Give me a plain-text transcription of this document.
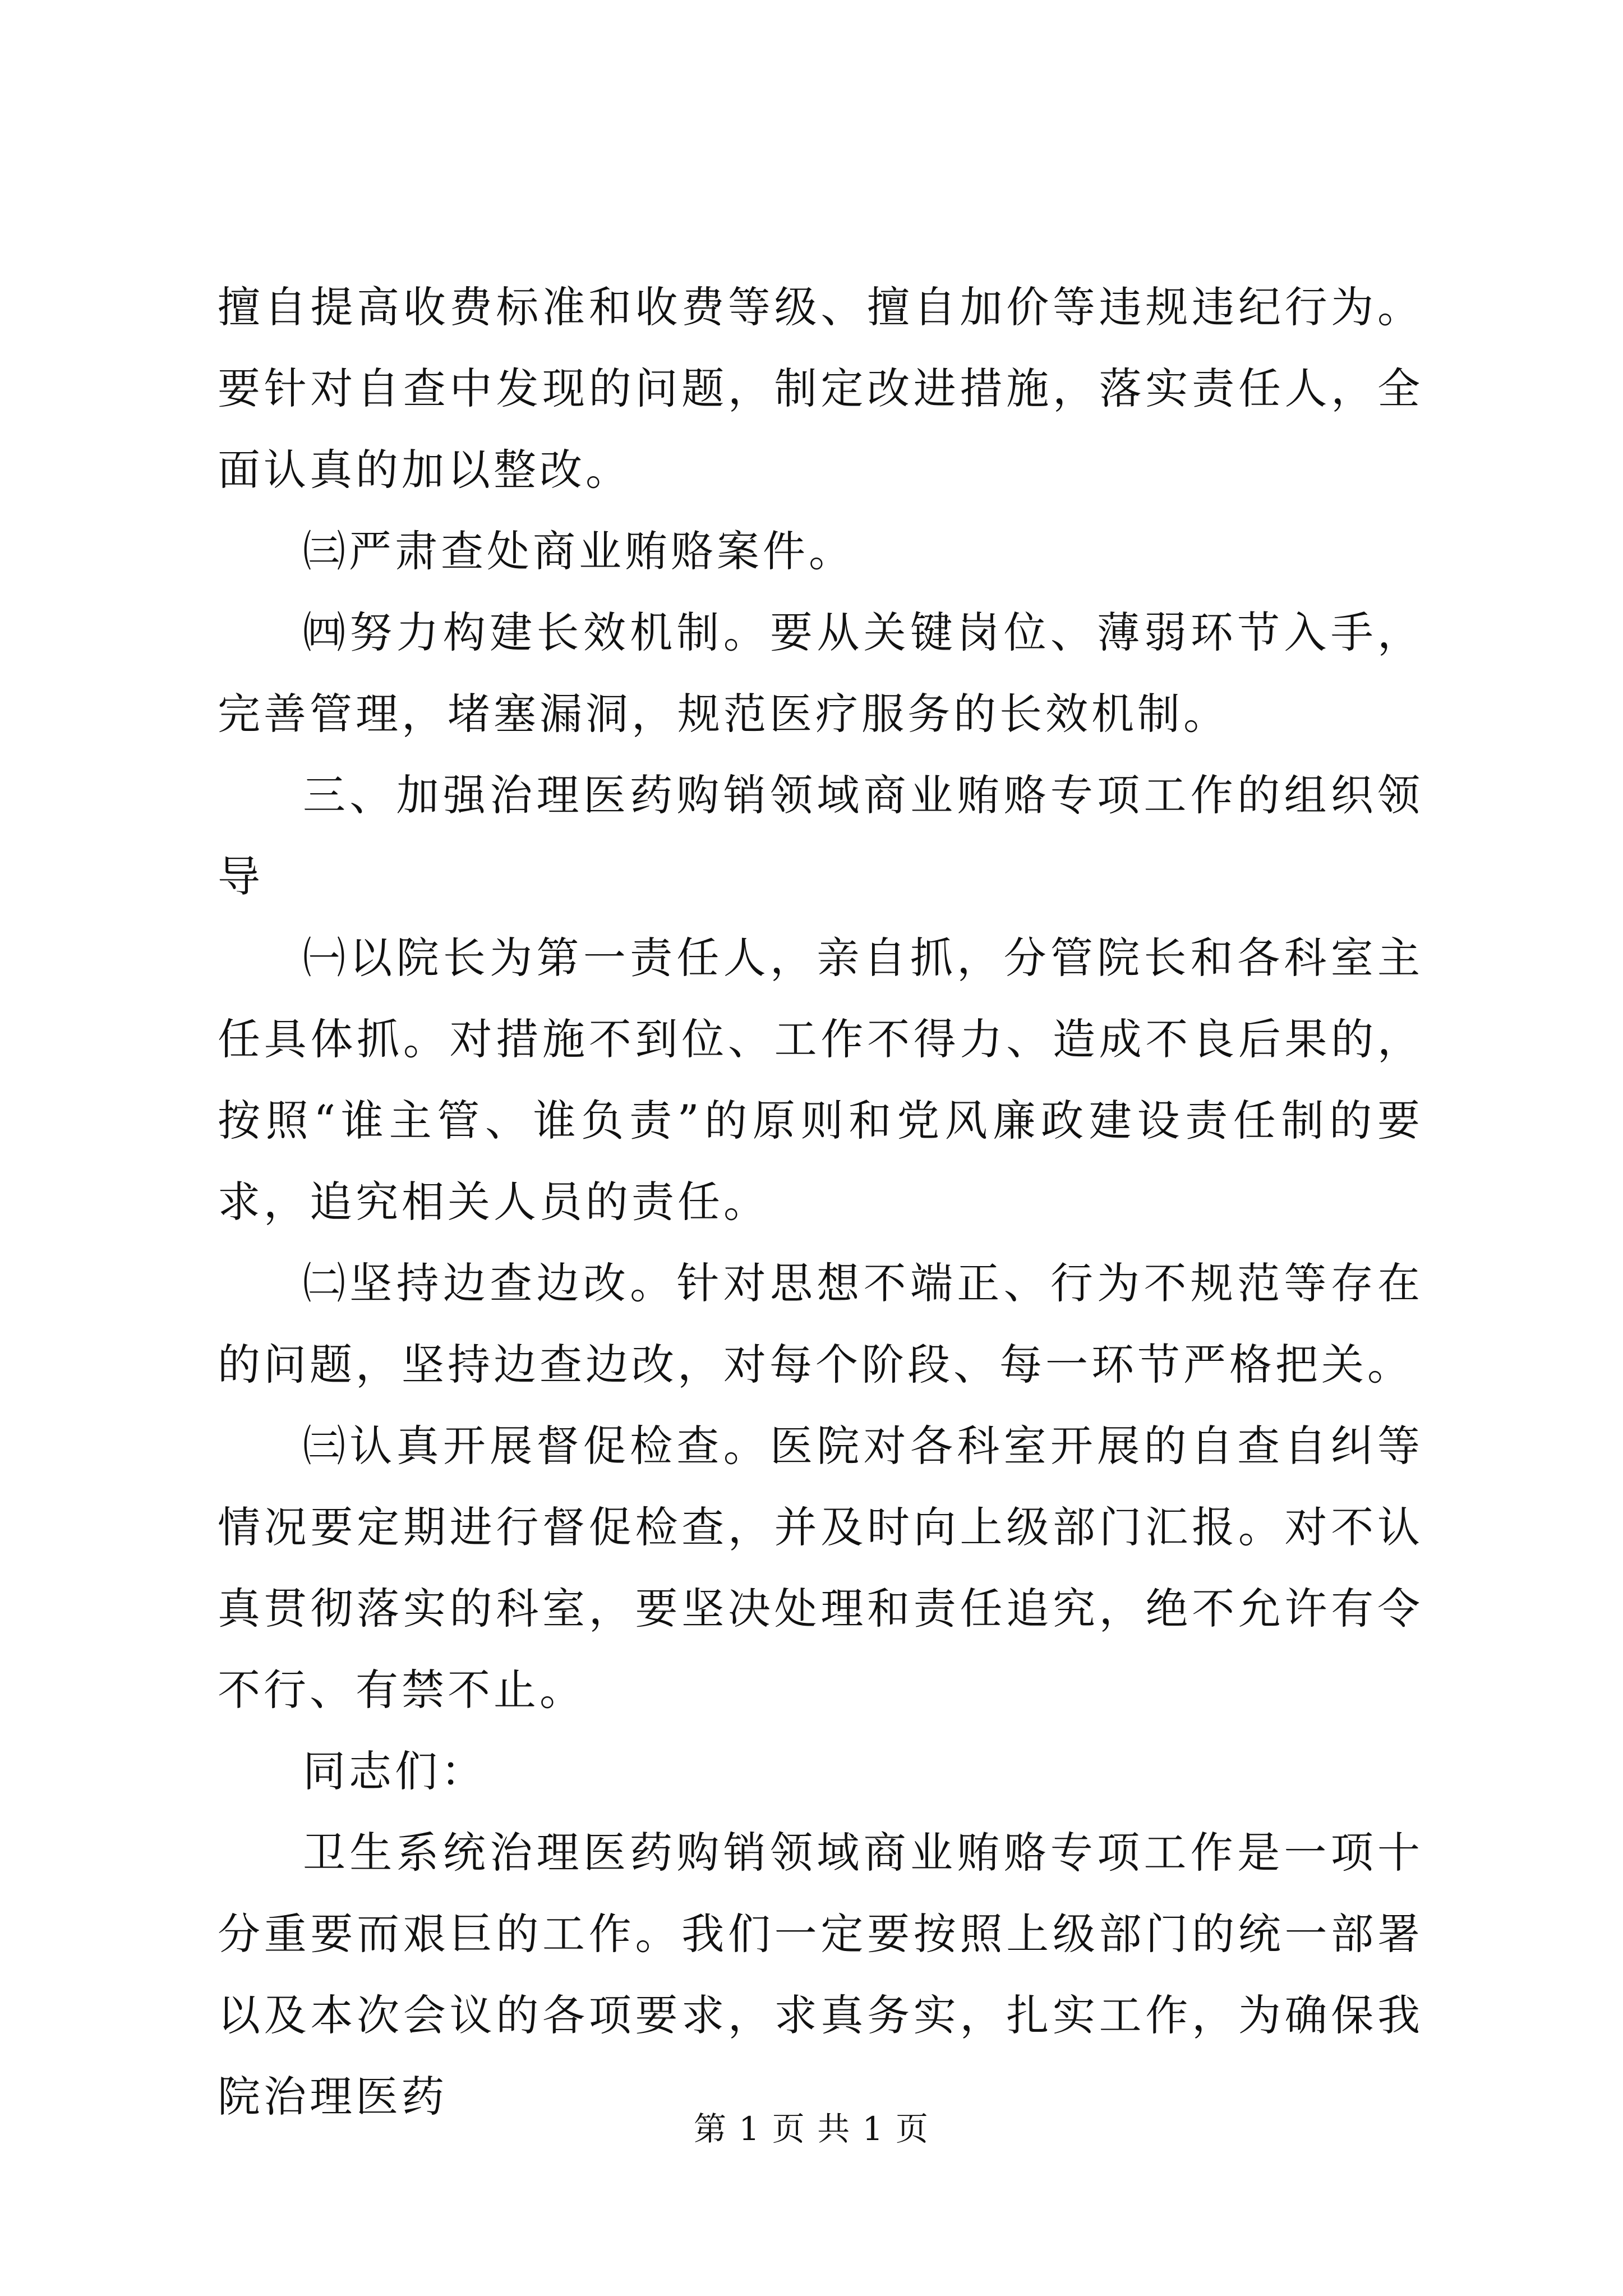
擅自提高收费标准和收费等级、擅自加价等违规违纪行为。要针对自查中发现的问题，制定改进措施，落实责任人，全面认真的加以整改。

㈢严肃查处商业贿赂案件。

㈣努力构建长效机制。要从关键岗位、薄弱环节入手，完善管理，堵塞漏洞，规范医疗服务的长效机制。

三、加强治理医药购销领域商业贿赂专项工作的组织领导

㈠以院长为第一责任人，亲自抓，分管院长和各科室主任具体抓。对措施不到位、工作不得力、造成不良后果的，按照“谁主管、谁负责”的原则和党风廉政建设责任制的要求，追究相关人员的责任。

㈡坚持边查边改。针对思想不端正、行为不规范等存在的问题，坚持边查边改，对每个阶段、每一环节严格把关。

㈢认真开展督促检查。医院对各科室开展的自查自纠等情况要定期进行督促检查，并及时向上级部门汇报。对不认真贯彻落实的科室，要坚决处理和责任追究，绝不允许有令不行、有禁不止。

同志们：

卫生系统治理医药购销领域商业贿赂专项工作是一项十分重要而艰巨的工作。我们一定要按照上级部门的统一部署以及本次会议的各项要求，求真务实，扎实工作，为确保我院治理医药

第 1 页 共 1 页
